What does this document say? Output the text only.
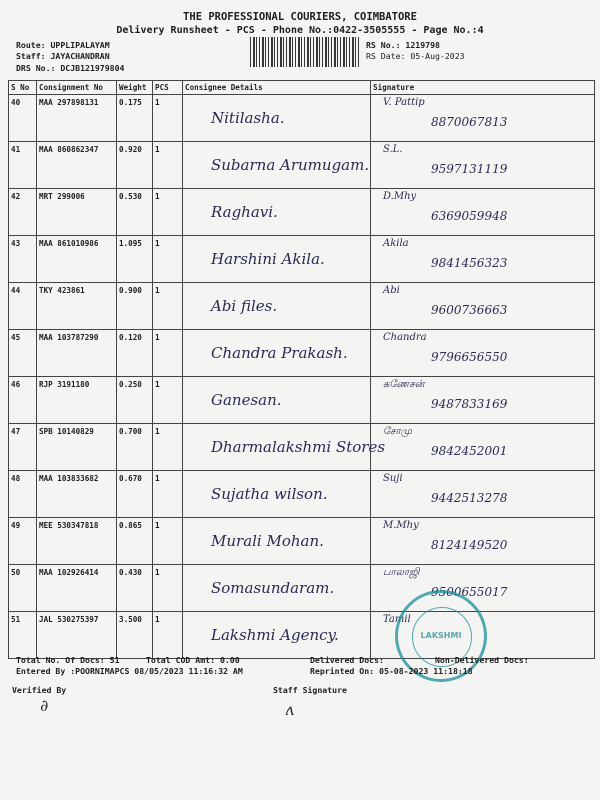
THE PROFESSIONAL COURIERS, COIMBATORE
Delivery Runsheet - PCS - Phone No.:0422-3505555 - Page No.:4
Route: UPPLIPALAYAM
Staff: JAYACHANDRAN
DRS No.: DCJB121979804
RS No.: 1219798
RS Date: 05-Aug-2023
S No	Consignment No	Weight	PCS	Consignee Details	Signature
40	MAA 297898131	0.175	1	Nitilasha.	V. Pattip
8870067813

41	MAA 860862347	0.920	1	Subarna Arumugam.	S.L.
9597131119

42	MRT 299006	0.530	1	Raghavi.	D.Mhy
6369059948

43	MAA 861010986	1.095	1	Harshini Akila.	Akila
9841456323

44	TKY 423861	0.900	1	Abi files.	Abi
9600736663

45	MAA 103787290	0.120	1	Chandra Prakash.	Chandra
9796656550

46	RJP 3191180	0.250	1	Ganesan.	கணேசன்
9487833169

47	SPB 10140829	0.700	1	Dharmalakshmi Stores	சோமு
9842452001

48	MAA 103833682	0.670	1	Sujatha wilson.	Suji
9442513278

49	MEE 530347818	0.865	1	Murali Mohan.	M.Mhy
8124149520

50	MAA 102926414	0.430	1	Somasundaram.	பாலாஜி
9500655017

51	JAL 530275397	3.500	1	Lakshmi Agency.	Tamil
LAKSHMI
Total No. Of Docs: 51	Total COD Amt: 0.00	Delivered Docs:	Non-Delivered Docs:
Entered By :POORNIMAPCS 08/05/2023 11:16:32 AM	Reprinted On: 05-08-2023 11:18:18
Verified By	Staff Signature
∂	ʌ
